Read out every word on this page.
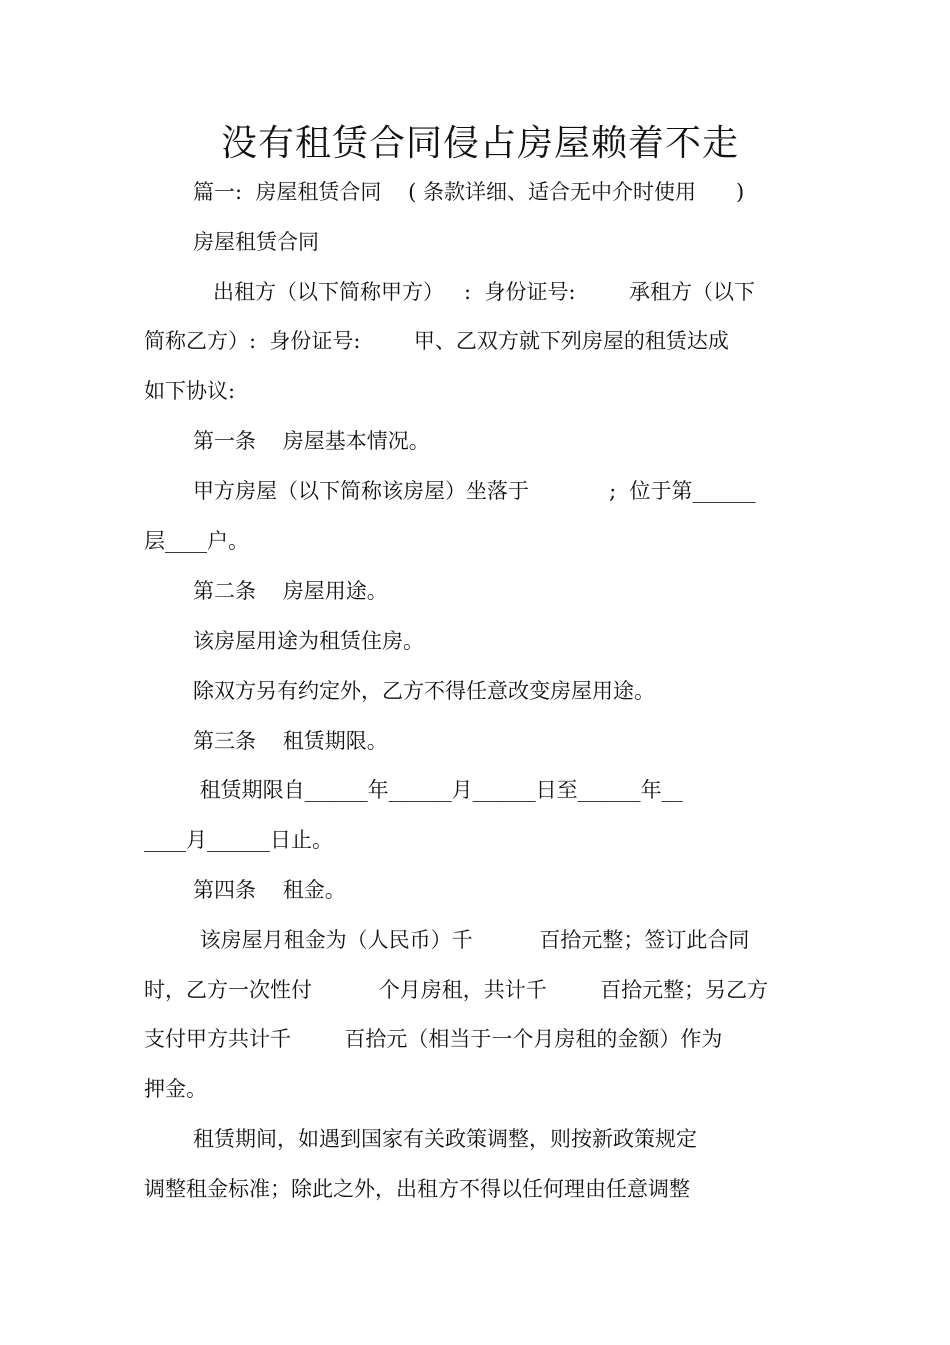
没有租赁合同侵占房屋赖着不走
篇一:  房屋租赁合同    ( 条款详细、适合无中介时使用      )
房屋租赁合同
出租方（以下简称甲方）   :  身份证号:        承租方（以下
简称乙方）:  身份证号:        甲、乙双方就下列房屋的租赁达成
如下协议:
第一条    房屋基本情况。
甲方房屋（以下简称该房屋）坐落于            ;  位于第______
层____户。
第二条    房屋用途。
该房屋用途为租赁住房。
除双方另有约定外，乙方不得任意改变房屋用途。
第三条    租赁期限。
租赁期限自______年______月______日至______年__
____月______日止。
第四条    租金。
该房屋月租金为（人民币）千          百拾元整；签订此合同
时，乙方一次性付          个月房租，共计千        百拾元整；另乙方
支付甲方共计千        百拾元（相当于一个月房租的金额）作为
押金。
租赁期间，如遇到国家有关政策调整，则按新政策规定
调整租金标准；除此之外，出租方不得以任何理由任意调整
